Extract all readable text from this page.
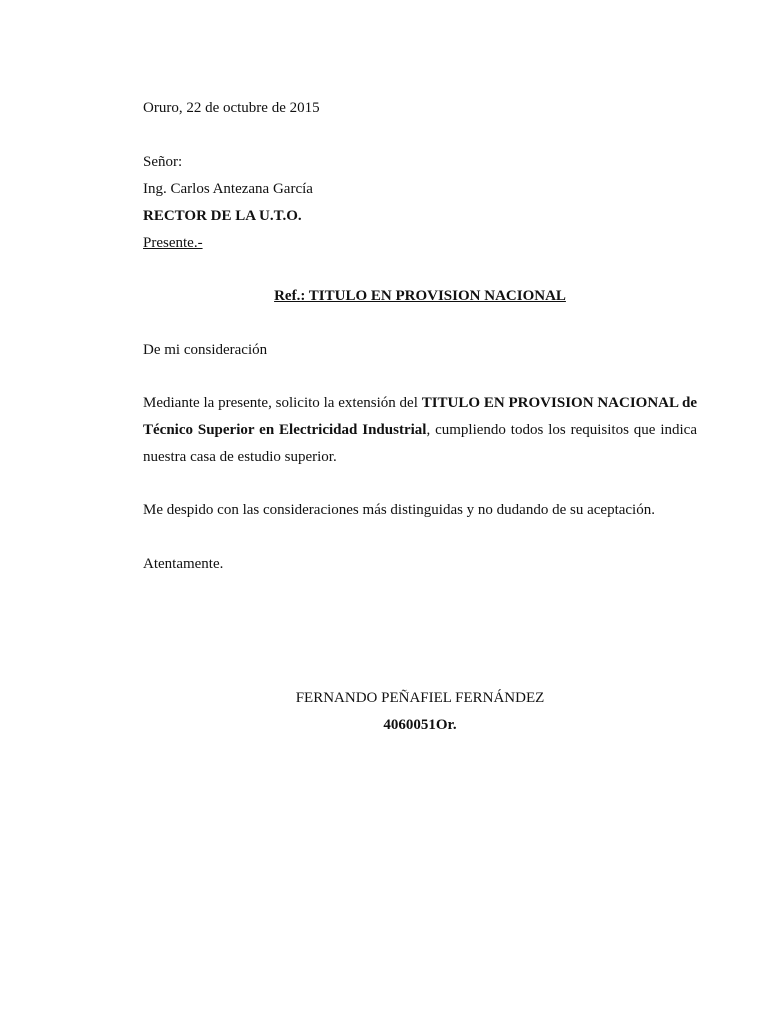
Oruro, 22 de octubre de 2015
Señor:
Ing. Carlos Antezana García
RECTOR DE LA U.T.O.
Presente.-
Ref.: TITULO EN PROVISION NACIONAL
De mi consideración
Mediante la presente, solicito la extensión del TITULO EN PROVISION NACIONAL de Técnico Superior en Electricidad Industrial, cumpliendo todos los requisitos que indica nuestra casa de estudio superior.
Me despido con las consideraciones más distinguidas y no dudando de su aceptación.
Atentamente.
FERNANDO PEÑAFIEL FERNÁNDEZ
4060051Or.
